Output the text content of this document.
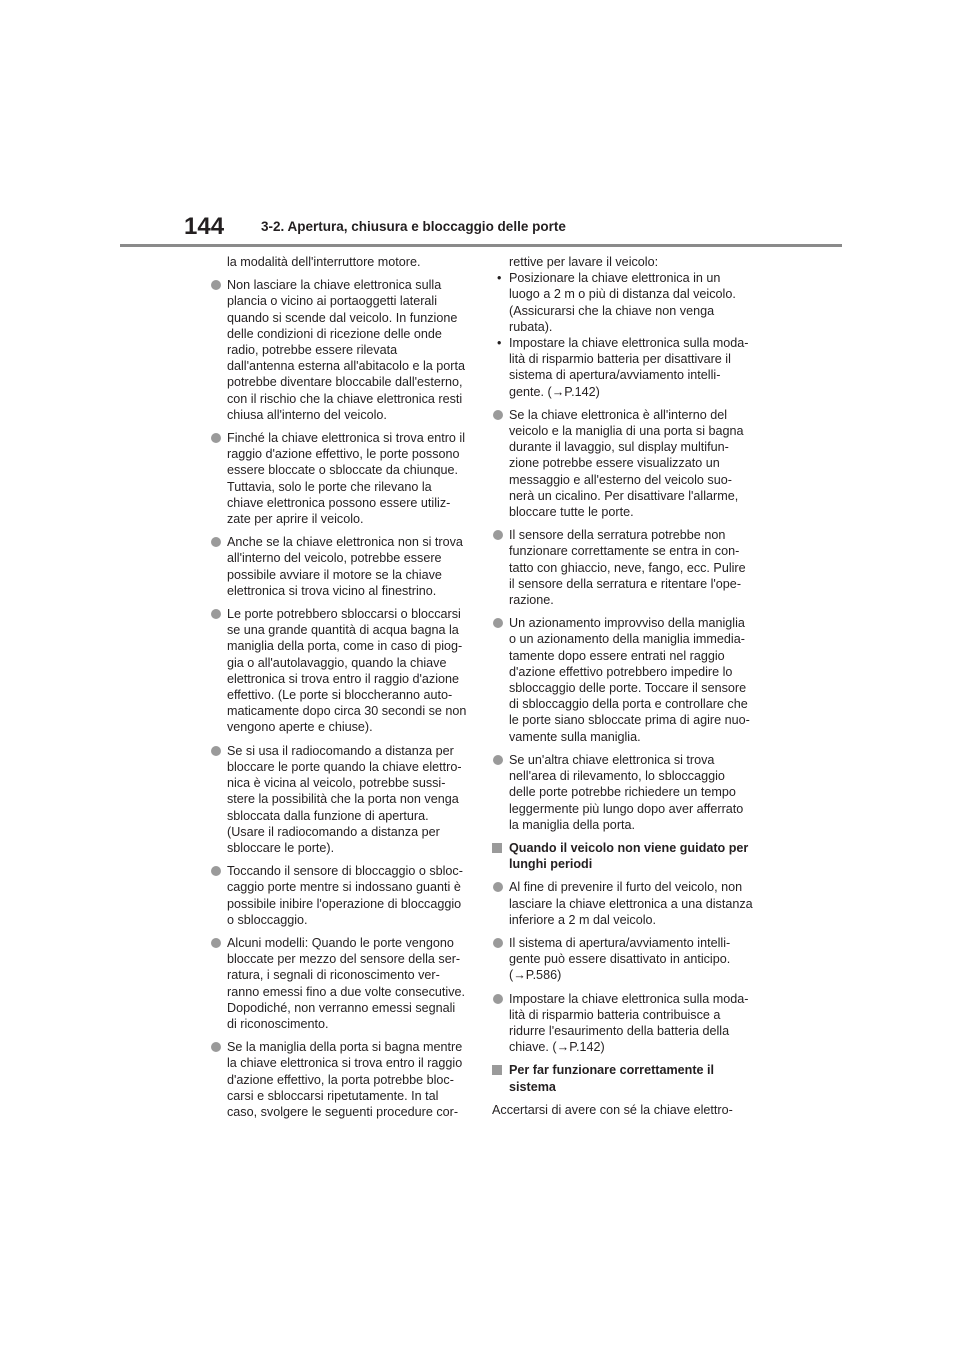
144	3-2. Apertura, chiusura e bloccaggio delle porte

la modalità dell'interruttore motore.

Non lasciare la chiave elettronica sulla plancia o vicino ai portaoggetti laterali quando si scende dal veicolo. In funzione delle condizioni di ricezione delle onde radio, potrebbe essere rilevata dall'antenna esterna all'abitacolo e la porta potrebbe diventare bloccabile dall'esterno, con il rischio che la chiave elettronica resti chiusa all'interno del veicolo.
Finché la chiave elettronica si trova entro il raggio d'azione effettivo, le porte possono essere bloccate o sbloccate da chiunque. Tuttavia, solo le porte che rilevano la chiave elettronica possono essere utiliz-zate per aprire il veicolo.
Anche se la chiave elettronica non si trova all'interno del veicolo, potrebbe essere possibile avviare il motore se la chiave elettronica si trova vicino al finestrino.
Le porte potrebbero sbloccarsi o bloccarsi se una grande quantità di acqua bagna la maniglia della porta, come in caso di piog-gia o all'autolavaggio, quando la chiave elettronica si trova entro il raggio d'azione effettivo. (Le porte si bloccheranno auto-maticamente dopo circa 30 secondi se non vengono aperte e chiuse).
Se si usa il radiocomando a distanza per bloccare le porte quando la chiave elettro-nica è vicina al veicolo, potrebbe sussi-stere la possibilità che la porta non venga sbloccata dalla funzione di apertura. (Usare il radiocomando a distanza per sbloccare le porte).
Toccando il sensore di bloccaggio o sbloc-caggio porte mentre si indossano guanti è possibile inibire l'operazione di bloccaggio o sbloccaggio.
Alcuni modelli: Quando le porte vengono bloccate per mezzo del sensore della ser-ratura, i segnali di riconoscimento ver-ranno emessi fino a due volte consecutive. Dopodiché, non verranno emessi segnali di riconoscimento.
Se la maniglia della porta si bagna mentre la chiave elettronica si trova entro il raggio d'azione effettivo, la porta potrebbe bloc-carsi e sbloccarsi ripetutamente. In tal caso, svolgere le seguenti procedure cor-

rettive per lavare il veicolo:

• Posizionare la chiave elettronica in un luogo a 2 m o più di distanza dal veicolo. (Assicurarsi che la chiave non venga rubata).
• Impostare la chiave elettronica sulla moda-lità di risparmio batteria per disattivare il sistema di apertura/avviamento intelli-gente. (→P.142)
Se la chiave elettronica è all'interno del veicolo e la maniglia di una porta si bagna durante il lavaggio, sul display multifun-zione potrebbe essere visualizzato un messaggio e all'esterno del veicolo suo-nerà un cicalino. Per disattivare l'allarme, bloccare tutte le porte.
Il sensore della serratura potrebbe non funzionare correttamente se entra in con-tatto con ghiaccio, neve, fango, ecc. Pulire il sensore della serratura e ritentare l'ope-razione.
Un azionamento improvviso della maniglia o un azionamento della maniglia immedia-tamente dopo essere entrati nel raggio d'azione effettivo potrebbero impedire lo sbloccaggio delle porte. Toccare il sensore di sbloccaggio della porta e controllare che le porte siano sbloccate prima di agire nuo-vamente sulla maniglia.
Se un'altra chiave elettronica si trova nell'area di rilevamento, lo sbloccaggio delle porte potrebbe richiedere un tempo leggermente più lungo dopo aver afferrato la maniglia della porta.
Quando il veicolo non viene guidato per lunghi periodi
Al fine di prevenire il furto del veicolo, non lasciare la chiave elettronica a una distanza inferiore a 2 m dal veicolo.
Il sistema di apertura/avviamento intelli-gente può essere disattivato in anticipo. (→P.586)
Impostare la chiave elettronica sulla moda-lità di risparmio batteria contribuisce a ridurre l'esaurimento della batteria della chiave. (→P.142)
Per far funzionare correttamente il sistema

Accertarsi di avere con sé la chiave elettro-
